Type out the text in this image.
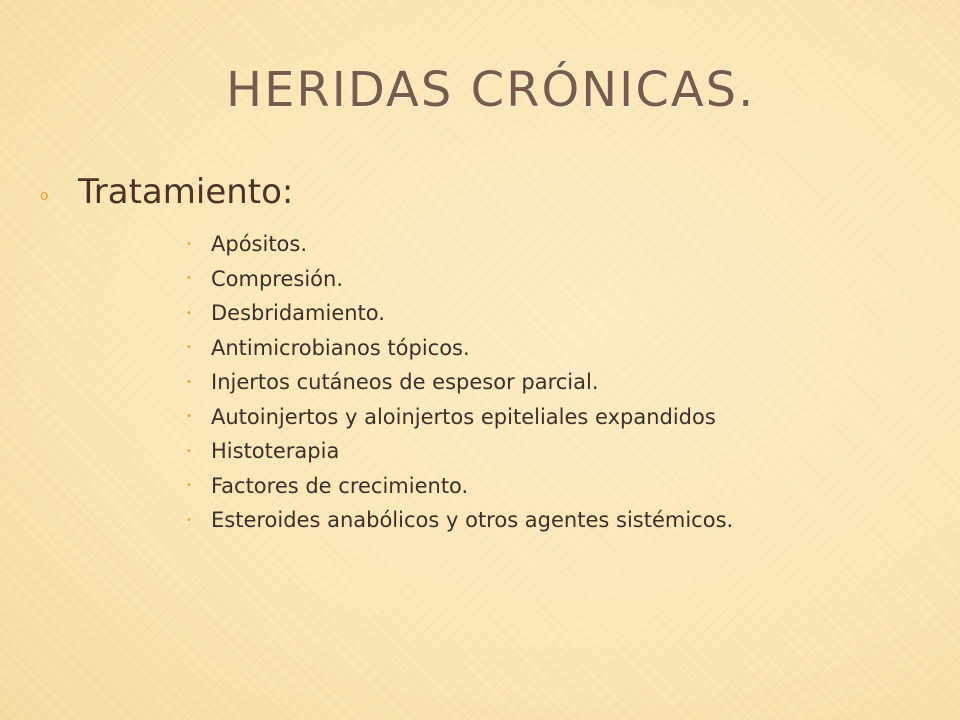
HERIDAS CRÓNICAS.
o Tratamiento:
• Apósitos.
• Compresión.
• Desbridamiento.
• Antimicrobianos tópicos.
• Injertos cutáneos de espesor parcial.
• Autoinjertos y aloinjertos epiteliales expandidos
• Histoterapia
• Factores de crecimiento.
• Esteroides anabólicos y otros agentes sistémicos.
